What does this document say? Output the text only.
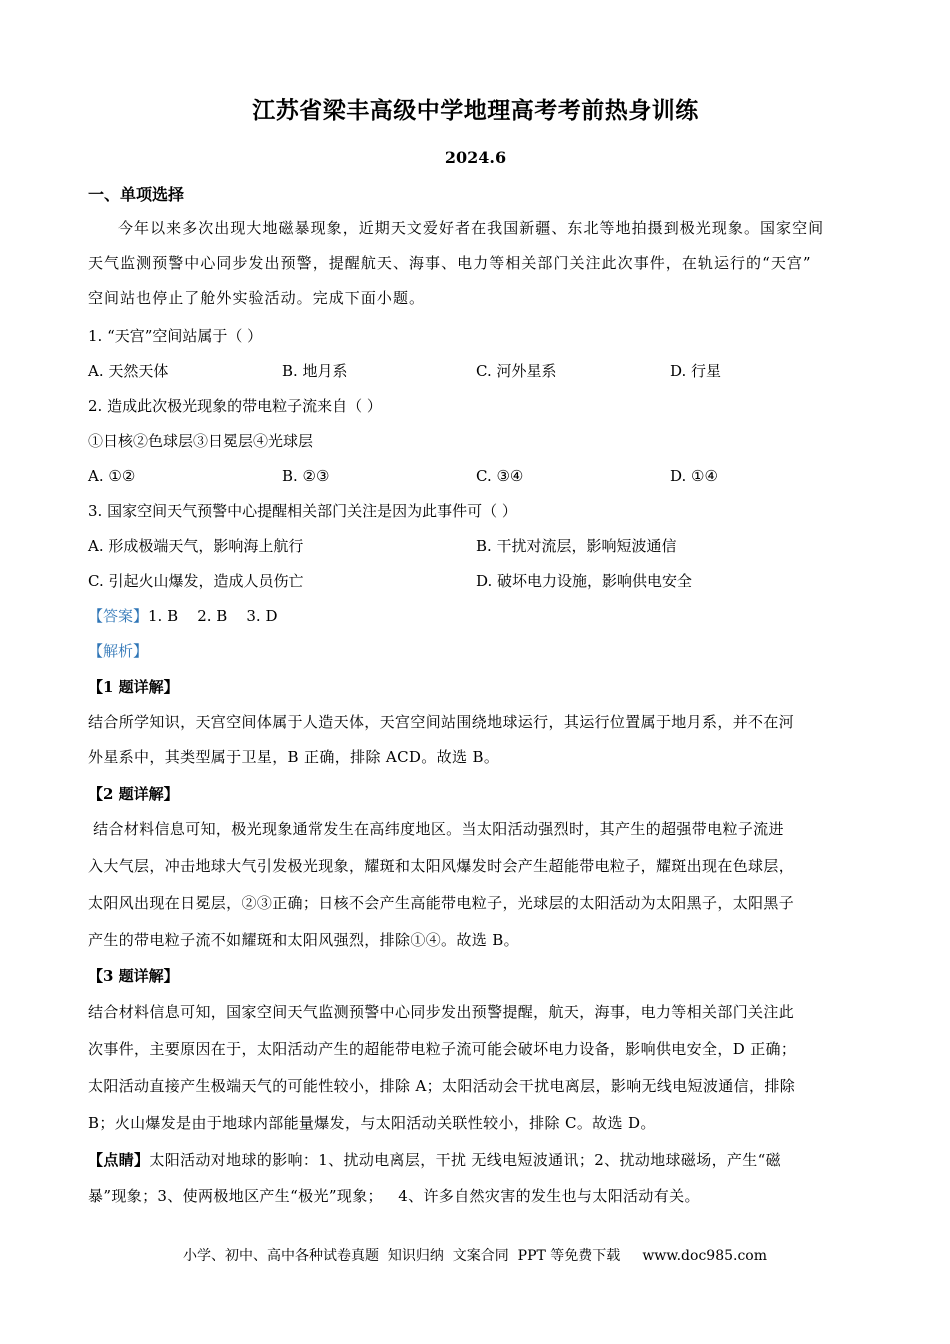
江苏省梁丰高级中学地理高考考前热身训练
2024.6
一、单项选择
今年以来多次出现大地磁暴现象，近期天文爱好者在我国新疆、东北等地拍摄到极光现象。国家空间
天气监测预警中心同步发出预警，提醒航天、海事、电力等相关部门关注此次事件，在轨运行的“天宫”
空间站也停止了舱外实验活动。完成下面小题。
1. “天宫”空间站属于（ ）
A. 天然天体	B. 地月系	C. 河外星系	D. 行星
2. 造成此次极光现象的带电粒子流来自（ ）
①日核②色球层③日冕层④光球层
A. ①②	B. ②③	C. ③④	D. ①④
3. 国家空间天气预警中心提醒相关部门关注是因为此事件可（ ）
A. 形成极端天气，影响海上航行	B. 干扰对流层，影响短波通信
C. 引起火山爆发，造成人员伤亡	D. 破坏电力设施，影响供电安全
【答案】1. B    2. B    3. D
【解析】
【1 题详解】
结合所学知识，天宫空间体属于人造天体，天宫空间站围绕地球运行，其运行位置属于地月系，并不在河
外星系中，其类型属于卫星，B 正确，排除 ACD。故选 B。
【2 题详解】
结合材料信息可知，极光现象通常发生在高纬度地区。当太阳活动强烈时，其产生的超强带电粒子流进
入大气层，冲击地球大气引发极光现象，耀斑和太阳风爆发时会产生超能带电粒子，耀斑出现在色球层，
太阳风出现在日冕层，②③正确；日核不会产生高能带电粒子，光球层的太阳活动为太阳黑子，太阳黑子
产生的带电粒子流不如耀斑和太阳风强烈，排除①④。故选 B。
【3 题详解】
结合材料信息可知，国家空间天气监测预警中心同步发出预警提醒，航天，海事，电力等相关部门关注此
次事件，主要原因在于，太阳活动产生的超能带电粒子流可能会破坏电力设备，影响供电安全，D 正确；
太阳活动直接产生极端天气的可能性较小，排除 A；太阳活动会干扰电离层，影响无线电短波通信，排除
B；火山爆发是由于地球内部能量爆发，与太阳活动关联性较小，排除 C。故选 D。
【点睛】太阳活动对地球的影响：1、扰动电离层，干扰 无线电短波通讯；2、扰动地球磁场，产生“磁
暴”现象；3、使两极地区产生“极光”现象；   4、许多自然灾害的发生也与太阳活动有关。
小学、初中、高中各种试卷真题  知识归纳  文案合同  PPT 等免费下载 www.doc985.com
